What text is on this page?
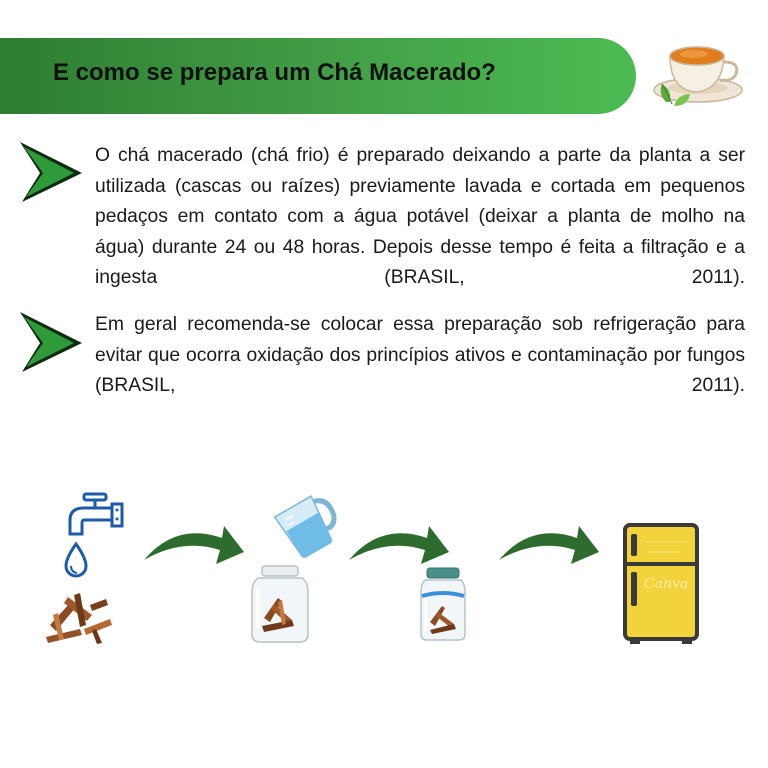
E como se prepara um Chá Macerado?
O chá macerado (chá frio) é preparado deixando a parte da planta a ser utilizada (cascas ou raízes) previamente lavada e cortada em pequenos pedaços em contato com a água potável (deixar a planta de molho na água) durante 24 ou 48 horas. Depois desse tempo é feita a filtração e a ingesta (BRASIL, 2011).
Em geral recomenda-se colocar essa preparação sob refrigeração para evitar que ocorra oxidação dos princípios ativos e contaminação por fungos (BRASIL, 2011).
Canva
